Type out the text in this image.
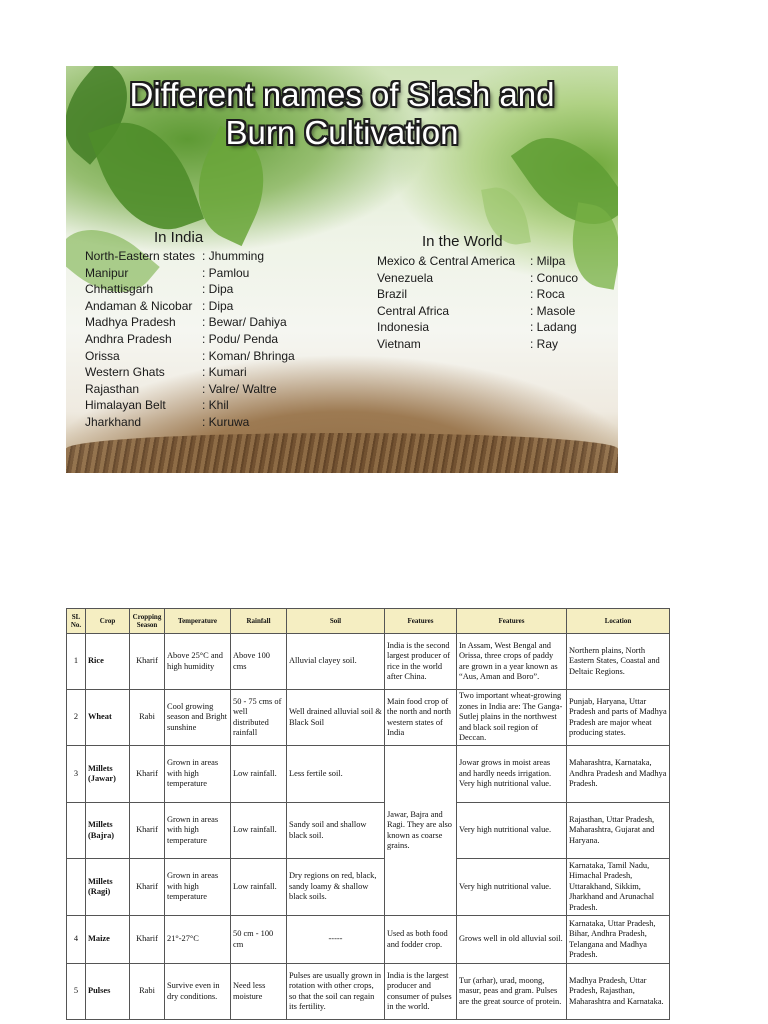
Different names of Slash and
Burn Cultivation
In India
North-Eastern states : Jhumming
Manipur	: Pamlou
Chhattisgarh	: Dipa
Andaman & Nicobar : Dipa
Madhya Pradesh : Bewar/ Dahiya
Andhra Pradesh	: Podu/ Penda
Orissa	: Koman/ Bhringa
Western Ghats	: Kumari
Rajasthan	: Valre/ Waltre
Himalayan Belt	: Khil
Jharkhand	: Kuruwa
In the World
Mexico & Central America : Milpa
Venezuela	: Conuco
Brazil	: Roca
Central Africa	: Masole
Indonesia	: Ladang
Vietnam	: Ray
SL No.	Crop	Cropping Season	Temperature	Rainfall	Soil	Features	Features	Location
1	Rice	Kharif	Above 25°C and high humidity	Above 100 cms	Alluvial clayey soil.	India is the second largest producer of rice in the world after China.	In Assam, West Bengal and Orissa, three crops of paddy are grown in a year known as “Aus, Aman and Boro”.	Northern plains, North Eastern States, Coastal and Deltaic Regions.
2	Wheat	Rabi	Cool growing season and Bright sunshine	50 - 75 cms of well distributed rainfall	Well drained alluvial soil & Black Soil	Main food crop of the north and north western states of India	Two important wheat-growing zones in India are: The Ganga-Sutlej plains in the northwest and black soil region of Deccan.	Punjab, Haryana, Uttar Pradesh and parts of Madhya Pradesh are major wheat producing states.
3	Millets (Jawar)	Kharif	Grown in areas with high temperature	Low rainfall.	Less fertile soil.	Jawar, Bajra and Ragi. They are also known as coarse grains.	Jowar grows in moist areas and hardly needs irrigation. Very high nutritional value.	Maharashtra, Karnataka, Andhra Pradesh and Madhya Pradesh.
	Millets (Bajra)	Kharif	Grown in areas with high temperature	Low rainfall.	Sandy soil and shallow black soil.		Very high nutritional value.	Rajasthan, Uttar Pradesh, Maharashtra, Gujarat and Haryana.
	Millets (Ragi)	Kharif	Grown in areas with high temperature	Low rainfall.	Dry regions on red, black, sandy loamy & shallow black soils.		Very high nutritional value.	Karnataka, Tamil Nadu, Himachal Pradesh, Uttarakhand, Sikkim, Jharkhand and Arunachal Pradesh.
4	Maize	Kharif	21°-27°C	50 cm - 100 cm	-----	Used as both food and fodder crop.	Grows well in old alluvial soil.	Karnataka, Uttar Pradesh, Bihar, Andhra Pradesh, Telangana and Madhya Pradesh.
5	Pulses	Rabi	Survive even in dry conditions.	Need less moisture	Pulses are usually grown in rotation with other crops, so that the soil can regain its fertility.	India is the largest producer and consumer of pulses in the world.	Tur (arhar), urad, moong, masur, peas and gram. Pulses are the great source of protein.	Madhya Pradesh, Uttar Pradesh, Rajasthan, Maharashtra and Karnataka.
